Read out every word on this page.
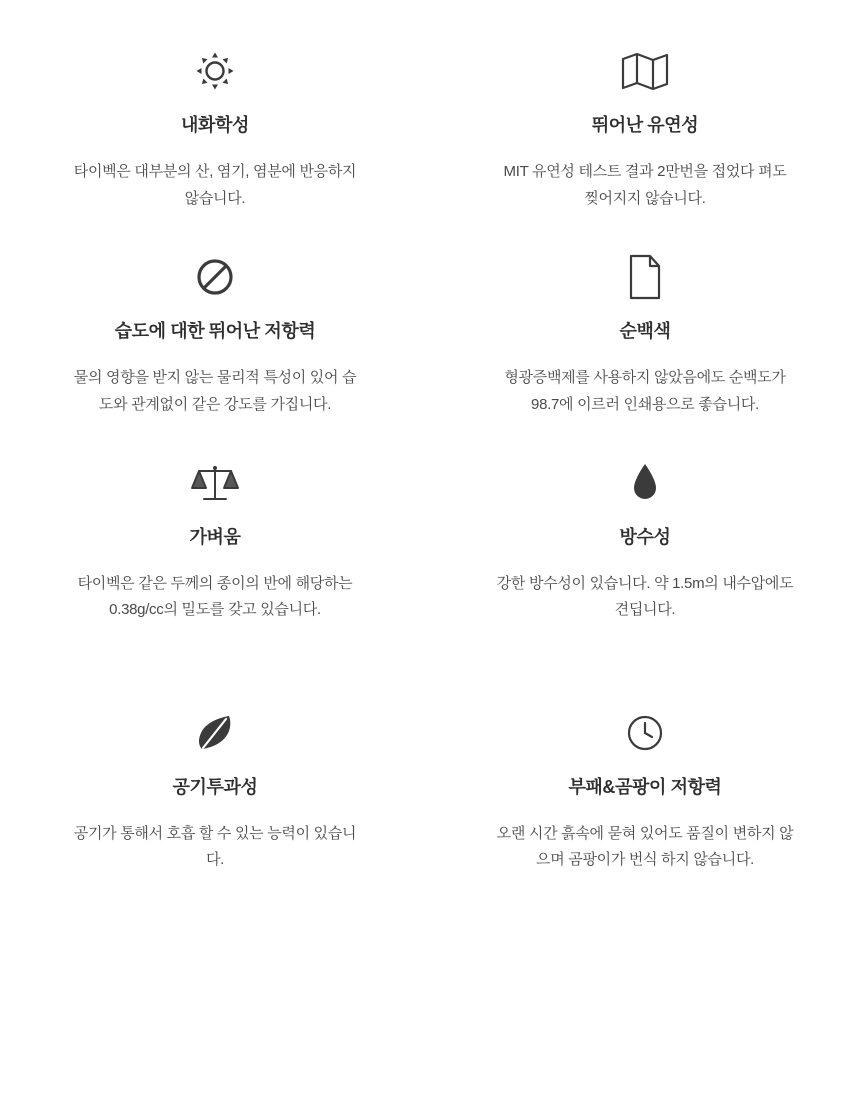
내화학성
타이벡은 대부분의 산, 염기, 염분에 반응하지 않습니다.
뛰어난 유연성
MIT 유연성 테스트 결과 2만번을 접었다 펴도 찢어지지 않습니다.
습도에 대한 뛰어난 저항력
물의 영향을 받지 않는 물리적 특성이 있어 습도와 관계없이 같은 강도를 가집니다.
순백색
형광증백제를 사용하지 않았음에도 순백도가 98.7에 이르러 인쇄용으로 좋습니다.
가벼움
타이벡은 같은 두께의 종이의 반에 해당하는 0.38g/cc의 밀도를 갖고 있습니다.
방수성
강한 방수성이 있습니다. 약 1.5m의 내수압에도 견딥니다.
공기투과성
공기가 통해서 호흡 할 수 있는 능력이 있습니다.
부패&곰팡이 저항력
오랜 시간 흙속에 묻혀 있어도 품질이 변하지 않으며 곰팡이가 번식 하지 않습니다.
